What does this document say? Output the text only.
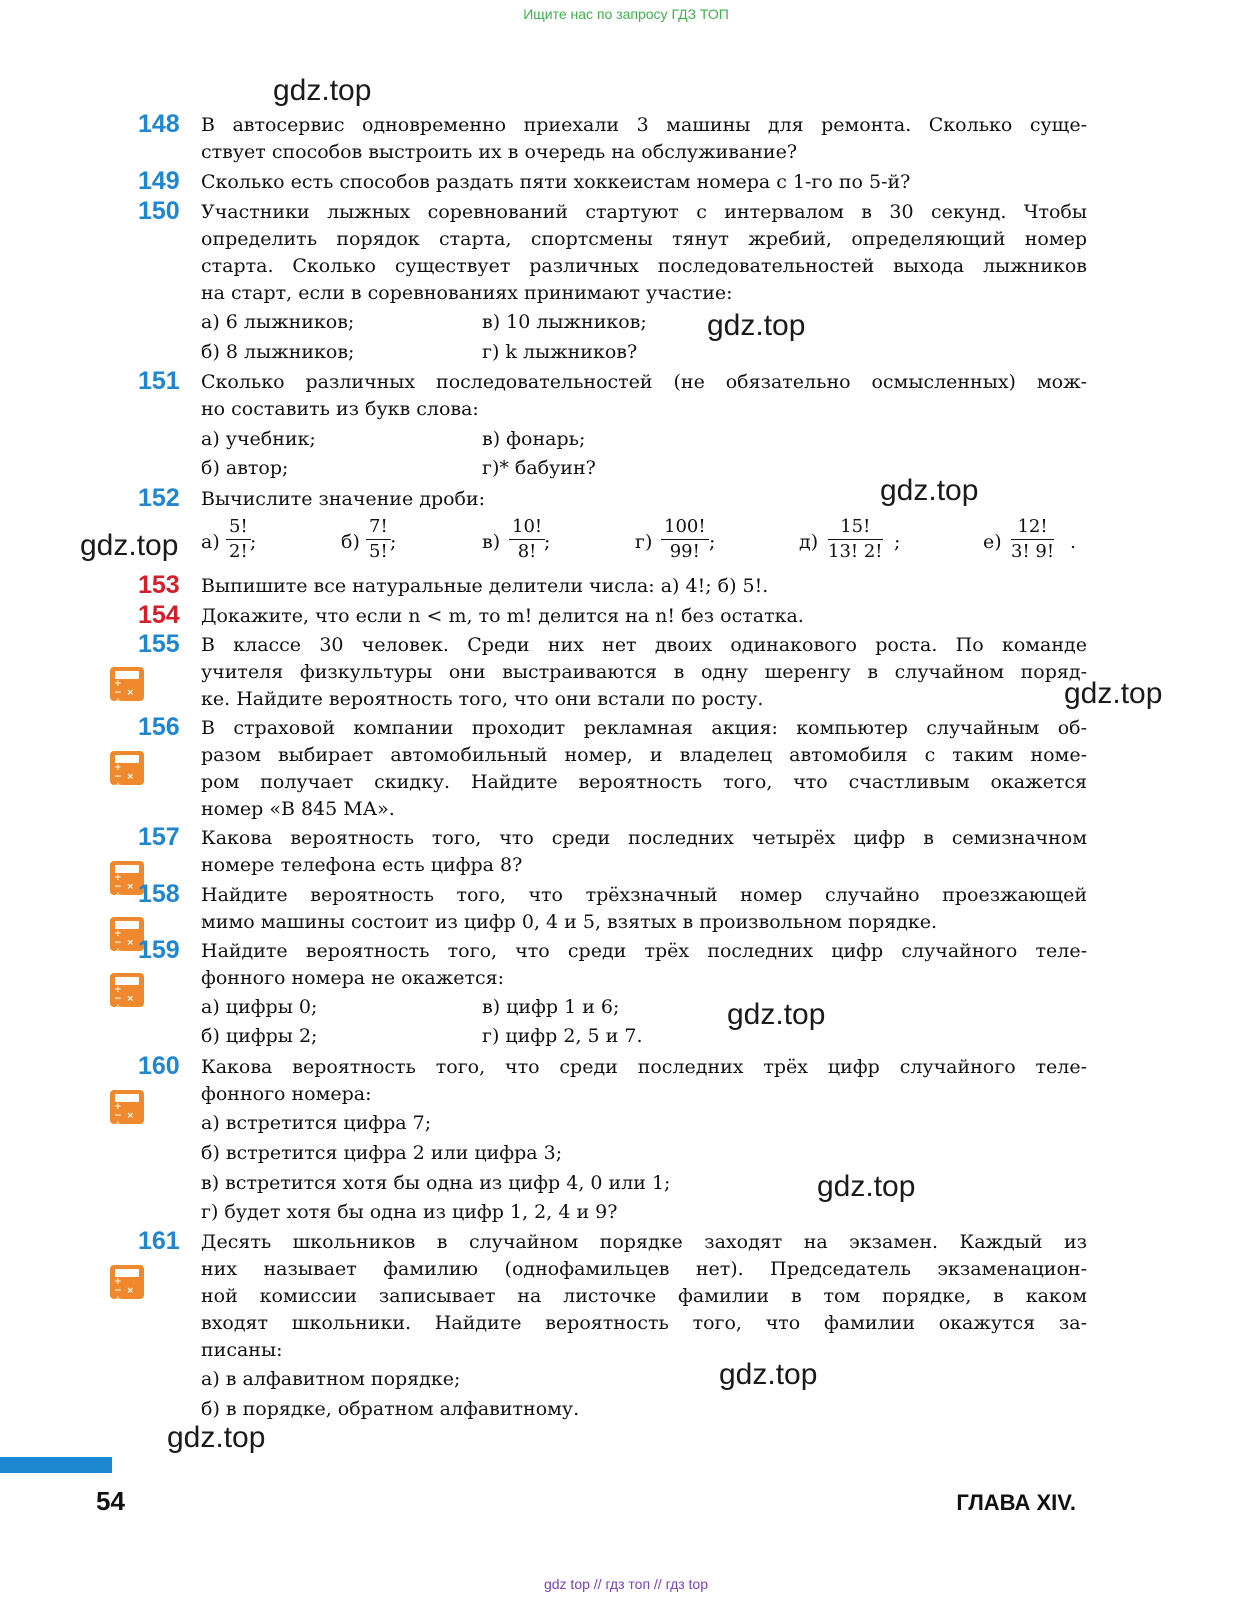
Ищите нас по запросу ГДЗ ТОП
gdz.top
gdz.top
gdz.top
gdz.top
gdz.top
gdz.top
gdz.top
gdz.top
gdz.top
148 В автосервис одновременно приехали 3 машины для ремонта. Сколько суще-
ствует способов выстроить их в очередь на обслуживание?
149 Сколько есть способов раздать пяти хоккеистам номера с 1-го по 5-й?
150 Участники лыжных соревнований стартуют с интервалом в 30 секунд. Чтобы
определить порядок старта, спортсмены тянут жребий, определяющий номер
старта. Сколько существует различных последовательностей выхода лыжников
на старт, если в соревнованиях принимают участие:
а) 6 лыжников;	в) 10 лыжников;
б) 8 лыжников;	г) k лыжников?
151 Сколько различных последовательностей (не обязательно осмысленных) мож-
но составить из букв слова:
а) учебник;	в) фонарь;
б) автор;	г)* бабуин?
152 Вычислите значение дроби:
$а) \frac{5!}{2!}$ ;	$б) \frac{7!}{5!}$ ;	$в) \frac{10!}{8!}$
;	$г) \frac{100!}{99!}$ ;	$д) \frac{15!}{13! 2!}$ ;	$е) \frac{12!}{3! 9!}$ .
153 Выпишите все натуральные делители числа: а) 4!; б) 5!.
154 Докажите, что если n < m, то m! делится на n! без остатка.
155
+ −× ÷
В классе 30 человек. Среди них нет двоих одинакового роста. По команде
учителя физкультуры они выстраиваются в одну шеренгу в случайном поряд-
ке. Найдите вероятность того, что они встали по росту.
156
+ −× ÷
В страховой компании проходит рекламная акция: компьютер случайным об-
разом выбирает автомобильный номер, и владелец автомобиля с таким номе-
ром получает скидку. Найдите вероятность того, что счастливым окажется
номер «В 845 МА».
157
+ −× ÷
Какова вероятность того, что среди последних четырёх цифр в семизначном
номере телефона есть цифра 8?
158
+ −× ÷
Найдите вероятность того, что трёхзначный номер случайно проезжающей
мимо машины состоит из цифр 0, 4 и 5, взятых в произвольном порядке.
159
+ −× ÷
Найдите вероятность того, что среди трёх последних цифр случайного теле-
фонного номера не окажется:
а) цифры 0;	в) цифр 1 и 6;
б) цифры 2;	г) цифр 2, 5 и 7.
160
+ −× ÷
Какова вероятность того, что среди последних трёх цифр случайного теле-
фонного номера:
а) встретится цифра 7;
б) встретится цифра 2 или цифра 3;
в) встретится хотя бы одна из цифр 4, 0 или 1;
г) будет хотя бы одна из цифр 1, 2, 4 и 9?
161
+ −× ÷
Десять школьников в случайном порядке заходят на экзамен. Каждый из
них называет фамилию (однофамильцев нет). Председатель экзаменацион-
ной комиссии записывает на листочке фамилии в том порядке, в каком
входят школьники. Найдите вероятность того, что фамилии окажутся за-
писаны:
а) в алфавитном порядке;
б) в порядке, обратном алфавитному.
54	ГЛАВА XIV.
gdz top // гдз топ // гдз top
